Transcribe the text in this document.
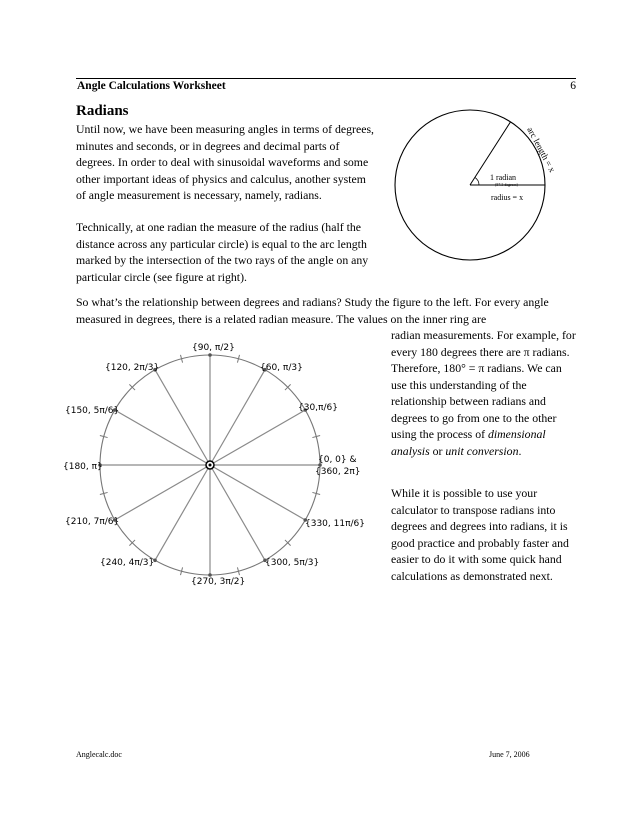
Angle Calculations Worksheet	6
Radians
Until now, we have been measuring angles in terms of degrees, minutes and seconds, or in degrees and decimal parts of degrees. In order to deal with sinusoidal waveforms and some other important ideas of physics and calculus, another system of angle measurement is necessary, namely, radians.
Technically, at one radian the measure of the radius (half the distance across any particular circle) is equal to the arc length marked by the intersection of the two rays of the angle on any particular circle (see figure at right).
So what’s the relationship between degrees and radians? Study the figure to the left. For every angle measured in degrees, there is a related radian measure. The values on the inner ring are
radian measurements. For example, for every 180 degrees there are π radians. Therefore, 180° = π radians. We can use this understanding of the relationship between radians and degrees to go from one to the other using the process of dimensional analysis or unit conversion.
While it is possible to use your calculator to transpose radians into degrees and degrees into radians, it is good practice and probably faster and easier to do it with some quick hand calculations as demonstrated next.
arc length = x
1 radian
(57.3 degrees)
radius = x
{0, 0} &
{360, 2π}
{30,π/6}
{60, π/3}
{90, π/2}
{120, 2π/3}
{150, 5π/6}
{180, π}
{210, 7π/6}
{240, 4π/3}
{270, 3π/2}
{300, 5π/3}
{330, 11π/6}
Anglecalc.doc	June 7, 2006
